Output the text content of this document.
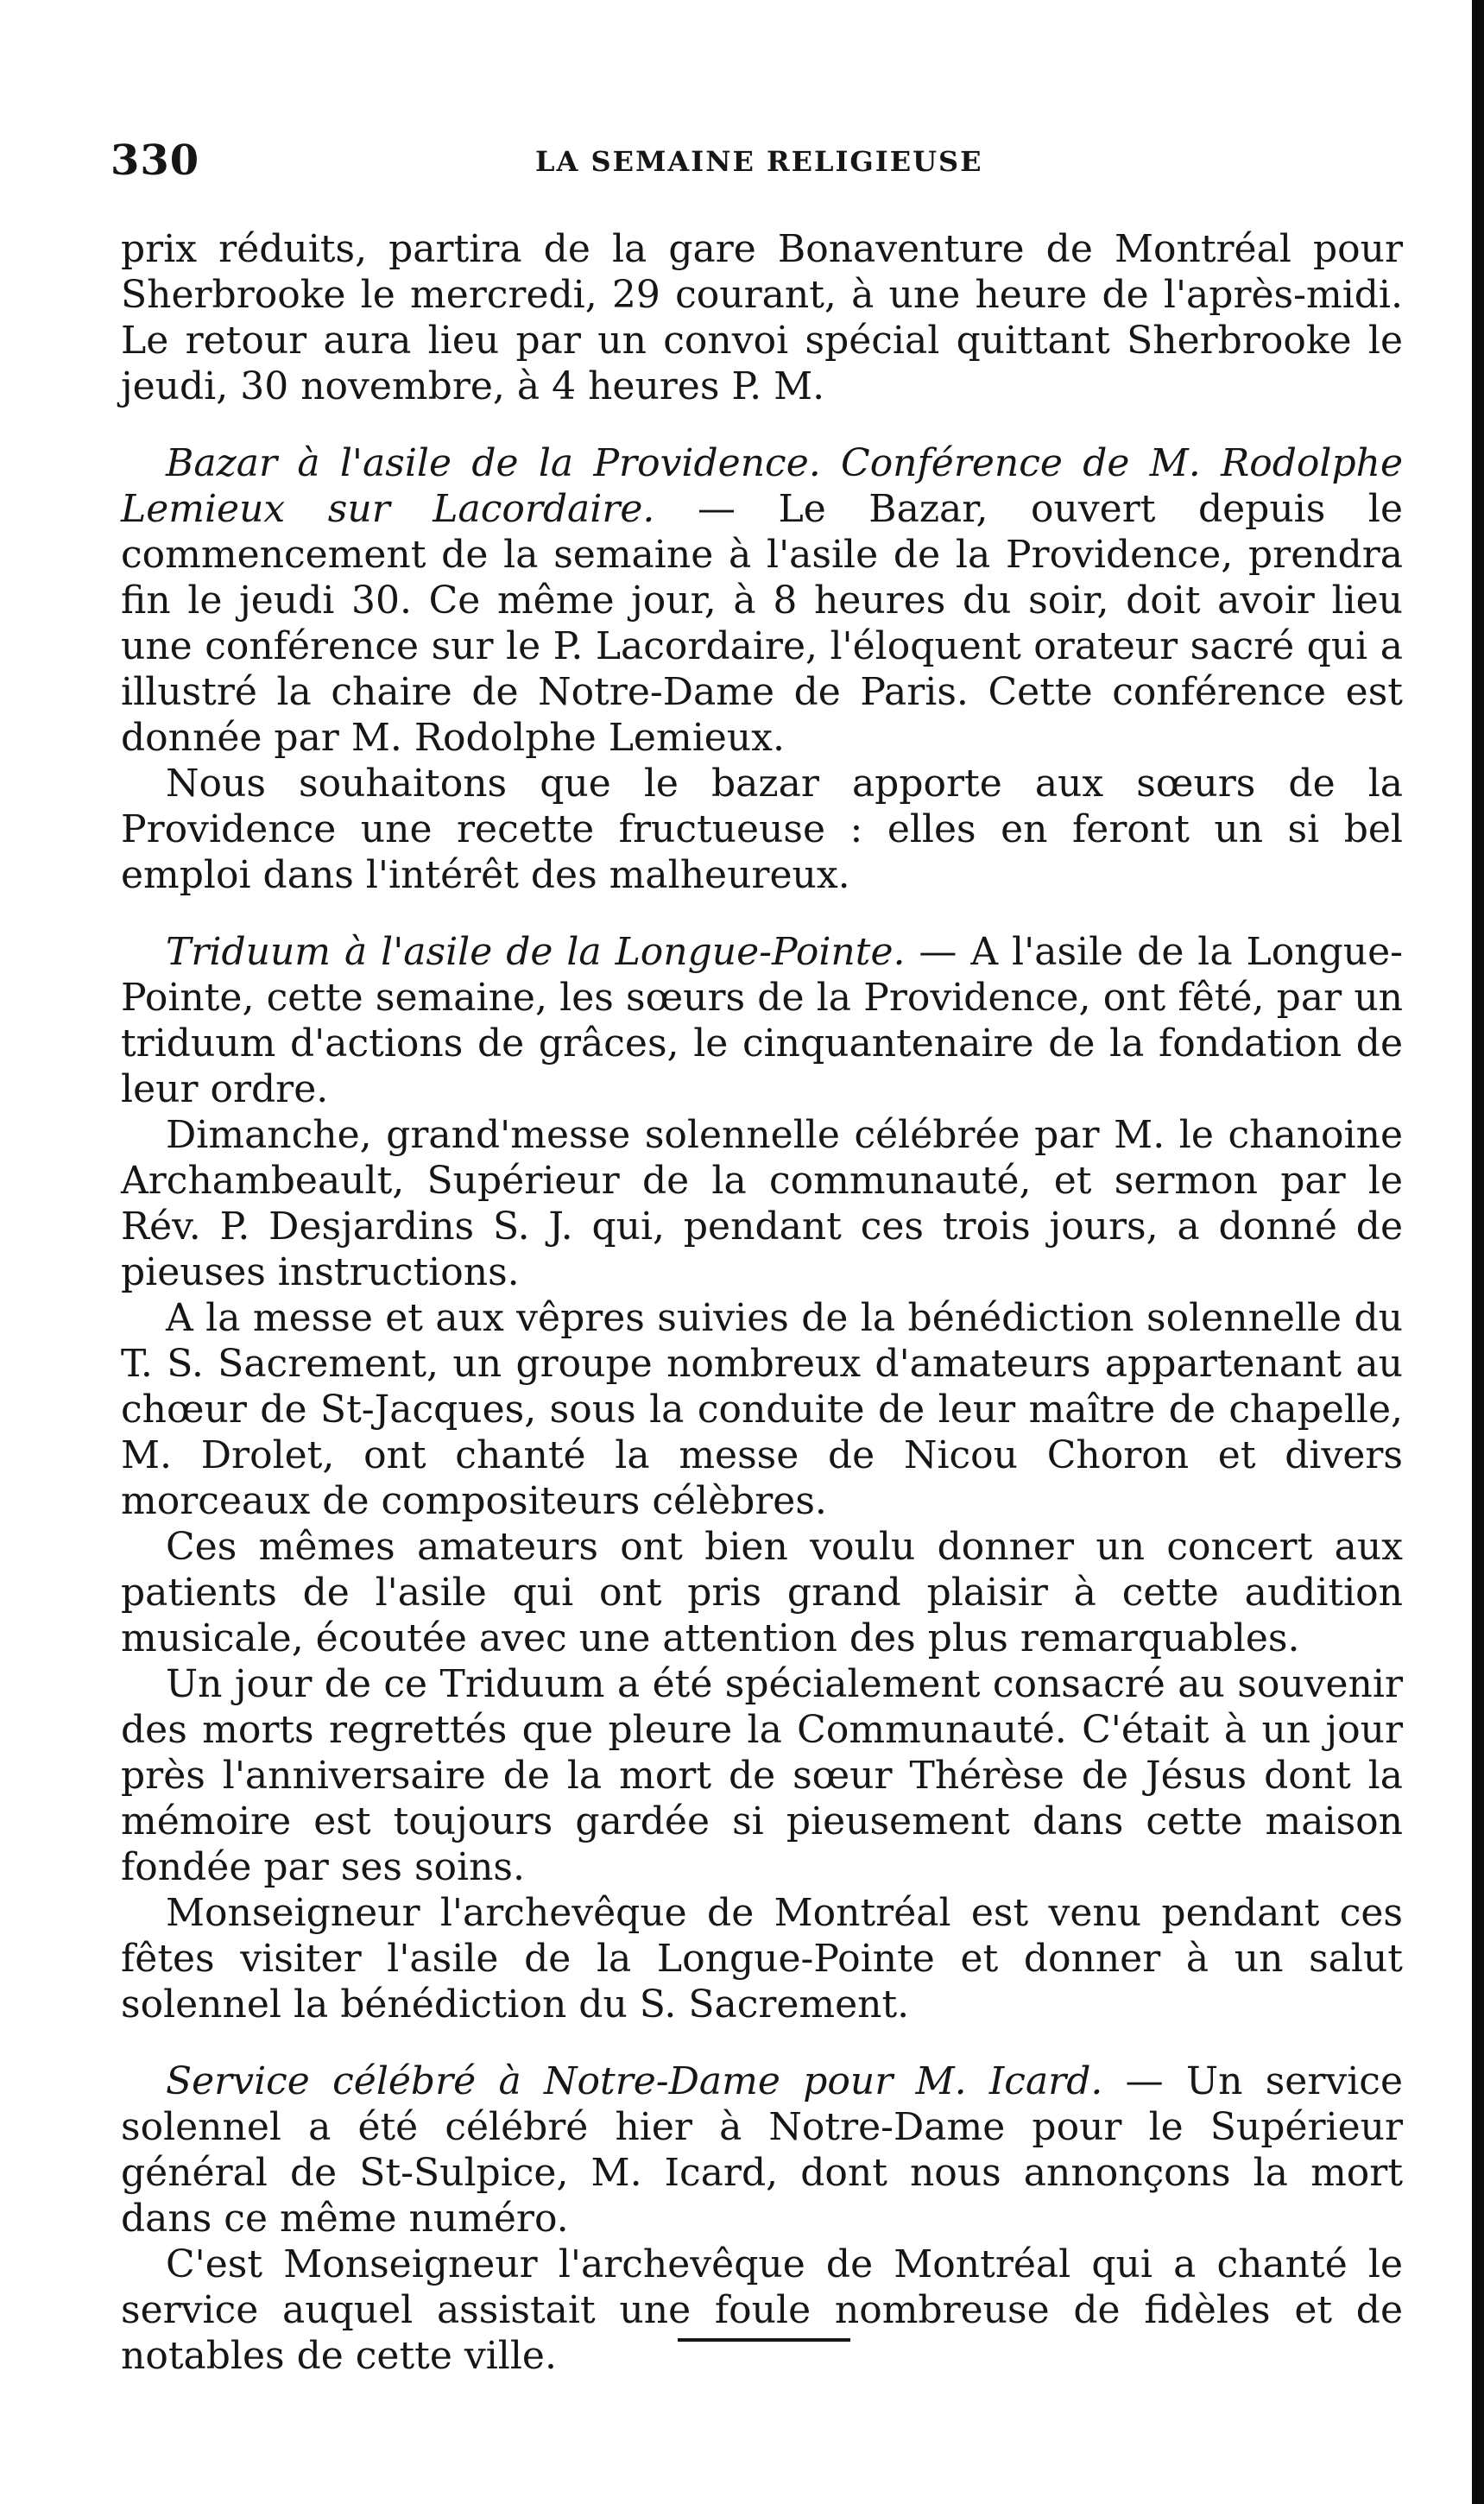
330	LA SEMAINE RELIGIEUSE

prix réduits, partira de la gare Bonaventure de Montréal pour Sherbrooke le mercredi, 29 courant, à une heure de l'après-midi. Le retour aura lieu par un convoi spécial quittant Sherbrooke le jeudi, 30 novembre, à 4 heures P. M.

Bazar à l'asile de la Providence. Conférence de M. Rodolphe Lemieux sur Lacordaire. — Le Bazar, ouvert depuis le commencement de la semaine à l'asile de la Providence, prendra fin le jeudi 30. Ce même jour, à 8 heures du soir, doit avoir lieu une conférence sur le P. Lacordaire, l'éloquent orateur sacré qui a illustré la chaire de Notre-Dame de Paris. Cette conférence est donnée par M. Rodolphe Lemieux.

Nous souhaitons que le bazar apporte aux sœurs de la Providence une recette fructueuse : elles en feront un si bel emploi dans l'intérêt des malheureux.

Triduum à l'asile de la Longue-Pointe. — A l'asile de la Longue-Pointe, cette semaine, les sœurs de la Providence, ont fêté, par un triduum d'actions de grâces, le cinquantenaire de la fondation de leur ordre.

Dimanche, grand'messe solennelle célébrée par M. le chanoine Archambeault, Supérieur de la communauté, et sermon par le Rév. P. Desjardins S. J. qui, pendant ces trois jours, a donné de pieuses instructions.

A la messe et aux vêpres suivies de la bénédiction solennelle du T. S. Sacrement, un groupe nombreux d'amateurs appartenant au chœur de St-Jacques, sous la conduite de leur maître de chapelle, M. Drolet, ont chanté la messe de Nicou Choron et divers morceaux de compositeurs célèbres.

Ces mêmes amateurs ont bien voulu donner un concert aux patients de l'asile qui ont pris grand plaisir à cette audition musicale, écoutée avec une attention des plus remarquables.

Un jour de ce Triduum a été spécialement consacré au souvenir des morts regrettés que pleure la Communauté. C'était à un jour près l'anniversaire de la mort de sœur Thérèse de Jésus dont la mémoire est toujours gardée si pieusement dans cette maison fondée par ses soins.

Monseigneur l'archevêque de Montréal est venu pendant ces fêtes visiter l'asile de la Longue-Pointe et donner à un salut solennel la bénédiction du S. Sacrement.

Service célébré à Notre-Dame pour M. Icard. — Un service solennel a été célébré hier à Notre-Dame pour le Supérieur général de St-Sulpice, M. Icard, dont nous annonçons la mort dans ce même numéro.

C'est Monseigneur l'archevêque de Montréal qui a chanté le service auquel assistait une foule nombreuse de fidèles et de notables de cette ville.
